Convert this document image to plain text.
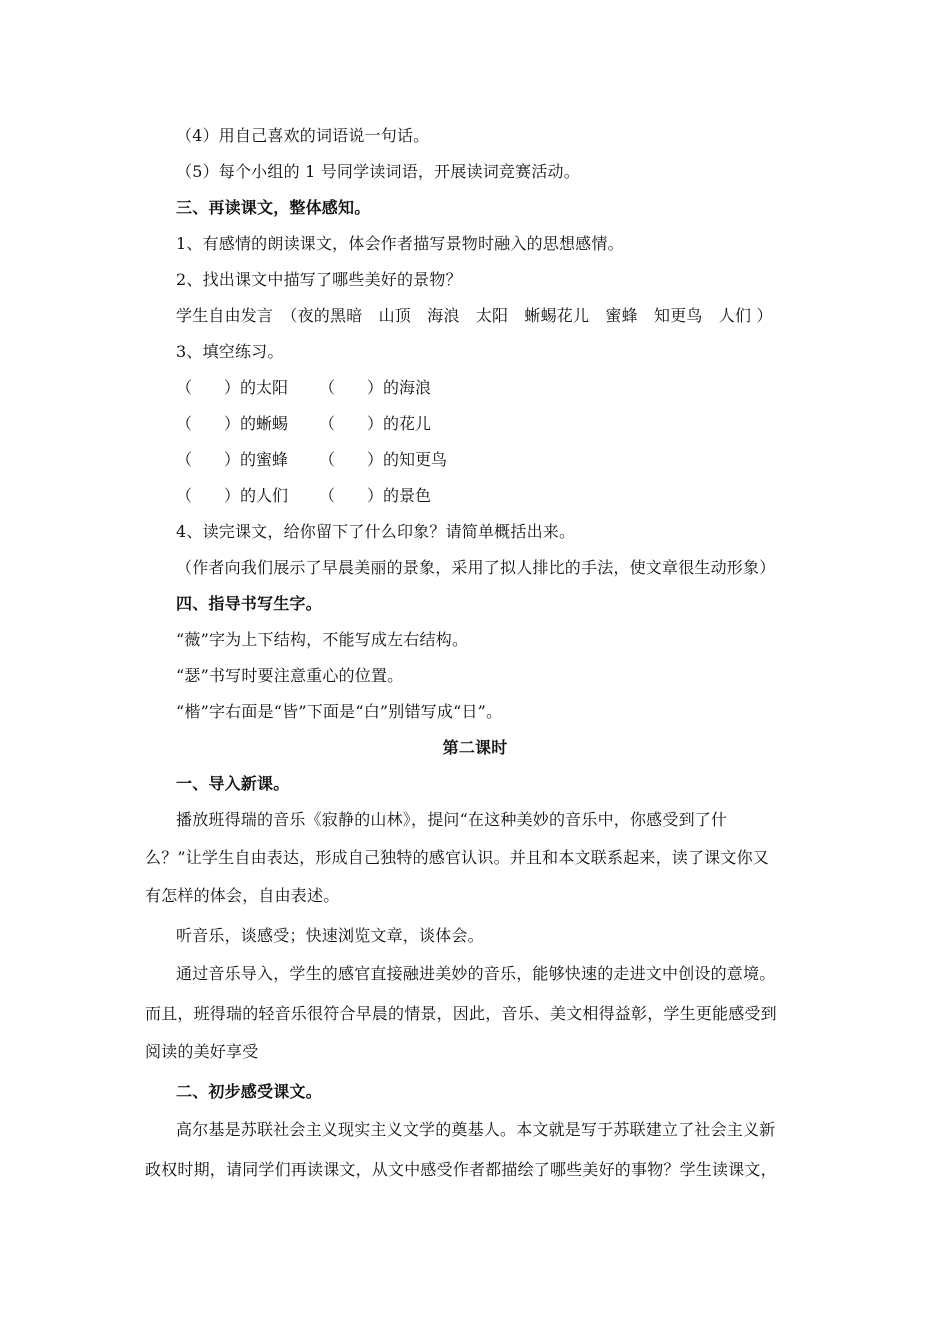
（4）用自己喜欢的词语说一句话。
（5）每个小组的 1 号同学读词语，开展读词竞赛活动。
三、再读课文，整体感知。
1、有感情的朗读课文，体会作者描写景物时融入的思想感情。
2、找出课文中描写了哪些美好的景物？
学生自由发言　（夜的黑暗　山顶　海浪　太阳　蜥蜴花儿　蜜蜂　知更鸟　人们 ）
3、填空练习。
（ ）的太阳 （ ）的海浪
（ ）的蜥蜴 （ ）的花儿
（ ）的蜜蜂 （ ）的知更鸟
（ ）的人们 （ ）的景色
4、读完课文，给你留下了什么印象？请简单概括出来。
（作者向我们展示了早晨美丽的景象，采用了拟人排比的手法，使文章很生动形象）
四、指导书写生字。
“薇”字为上下结构，不能写成左右结构。
“瑟”书写时要注意重心的位置。
“楷”字右面是“皆”下面是“白”别错写成“日”。
第二课时
一、导入新课。
播放班得瑞的音乐《寂静的山林》，提问“在这种美妙的音乐中，你感受到了什
么？”让学生自由表达，形成自己独特的感官认识。并且和本文联系起来，读了课文你又
有怎样的体会，自由表述。
听音乐，谈感受；快速浏览文章，谈体会。
通过音乐导入，学生的感官直接融进美妙的音乐，能够快速的走进文中创设的意境。
而且，班得瑞的轻音乐很符合早晨的情景，因此，音乐、美文相得益彰，学生更能感受到
阅读的美好享受
二、初步感受课文。
高尔基是苏联社会主义现实主义文学的奠基人。本文就是写于苏联建立了社会主义新
政权时期，请同学们再读课文，从文中感受作者都描绘了哪些美好的事物？学生读课文，
